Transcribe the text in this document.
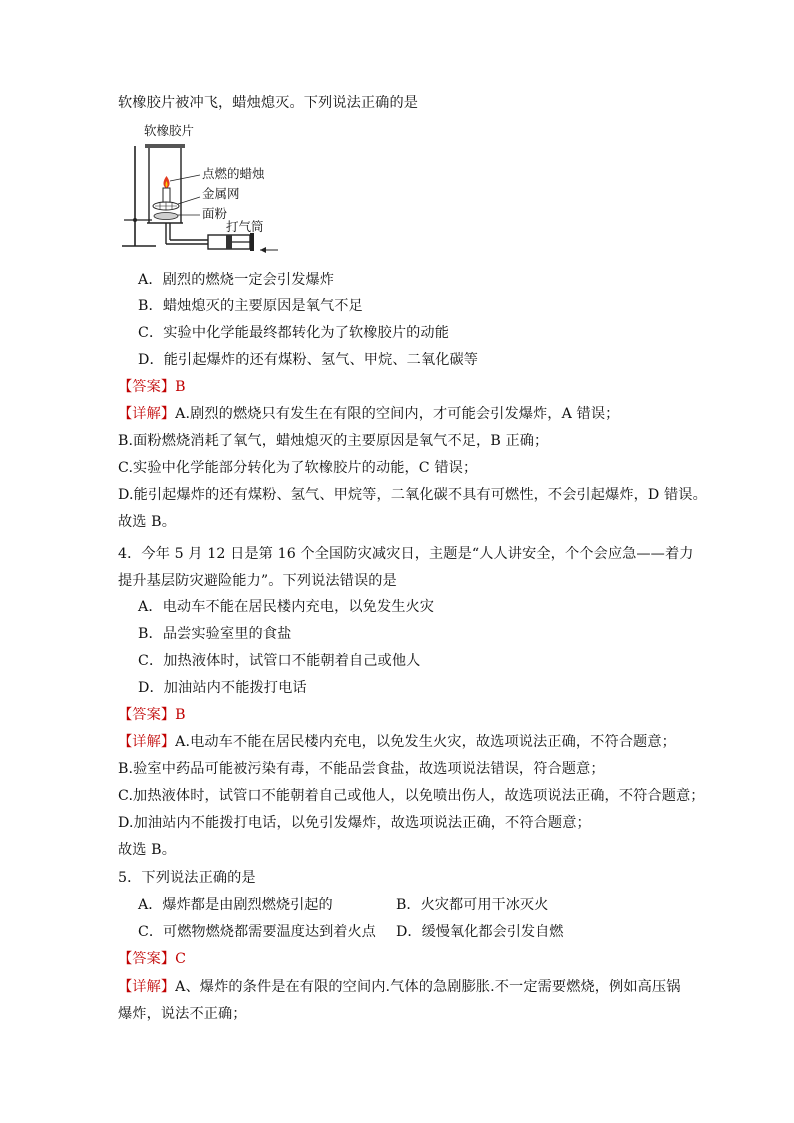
软橡胶片被冲飞，蜡烛熄灭。下列说法正确的是
软橡胶片
点燃的蜡烛
金属网
面粉
打气筒
A．剧烈的燃烧一定会引发爆炸
B．蜡烛熄灭的主要原因是氧气不足
C．实验中化学能最终都转化为了软橡胶片的动能
D．能引起爆炸的还有煤粉、氢气、甲烷、二氧化碳等
【答案】B
【详解】A.剧烈的燃烧只有发生在有限的空间内，才可能会引发爆炸，A 错误；
B.面粉燃烧消耗了氧气，蜡烛熄灭的主要原因是氧气不足，B 正确；
C.实验中化学能部分转化为了软橡胶片的动能，C 错误；
D.能引起爆炸的还有煤粉、氢气、甲烷等，二氧化碳不具有可燃性，不会引起爆炸，D 错误。
故选 B。
4．今年 5 月 12 日是第 16 个全国防灾减灾日，主题是“人人讲安全，个个会应急——着力
提升基层防灾避险能力”。下列说法错误的是
A．电动车不能在居民楼内充电，以免发生火灾
B．品尝实验室里的食盐
C．加热液体时，试管口不能朝着自己或他人
D．加油站内不能拨打电话
【答案】B
【详解】A.电动车不能在居民楼内充电，以免发生火灾，故选项说法正确，不符合题意；
B.验室中药品可能被污染有毒，不能品尝食盐，故选项说法错误，符合题意；
C.加热液体时，试管口不能朝着自己或他人，以免喷出伤人，故选项说法正确，不符合题意；
D.加油站内不能拨打电话，以免引发爆炸，故选项说法正确，不符合题意；
故选 B。
5．下列说法正确的是
A．爆炸都是由剧烈燃烧引起的	B．火灾都可用干冰灭火
C．可燃物燃烧都需要温度达到着火点 D．缓慢氧化都会引发自燃
【答案】C
【详解】A、爆炸的条件是在有限的空间内.气体的急剧膨胀.不一定需要燃烧，例如高压锅
爆炸，说法不正确；
